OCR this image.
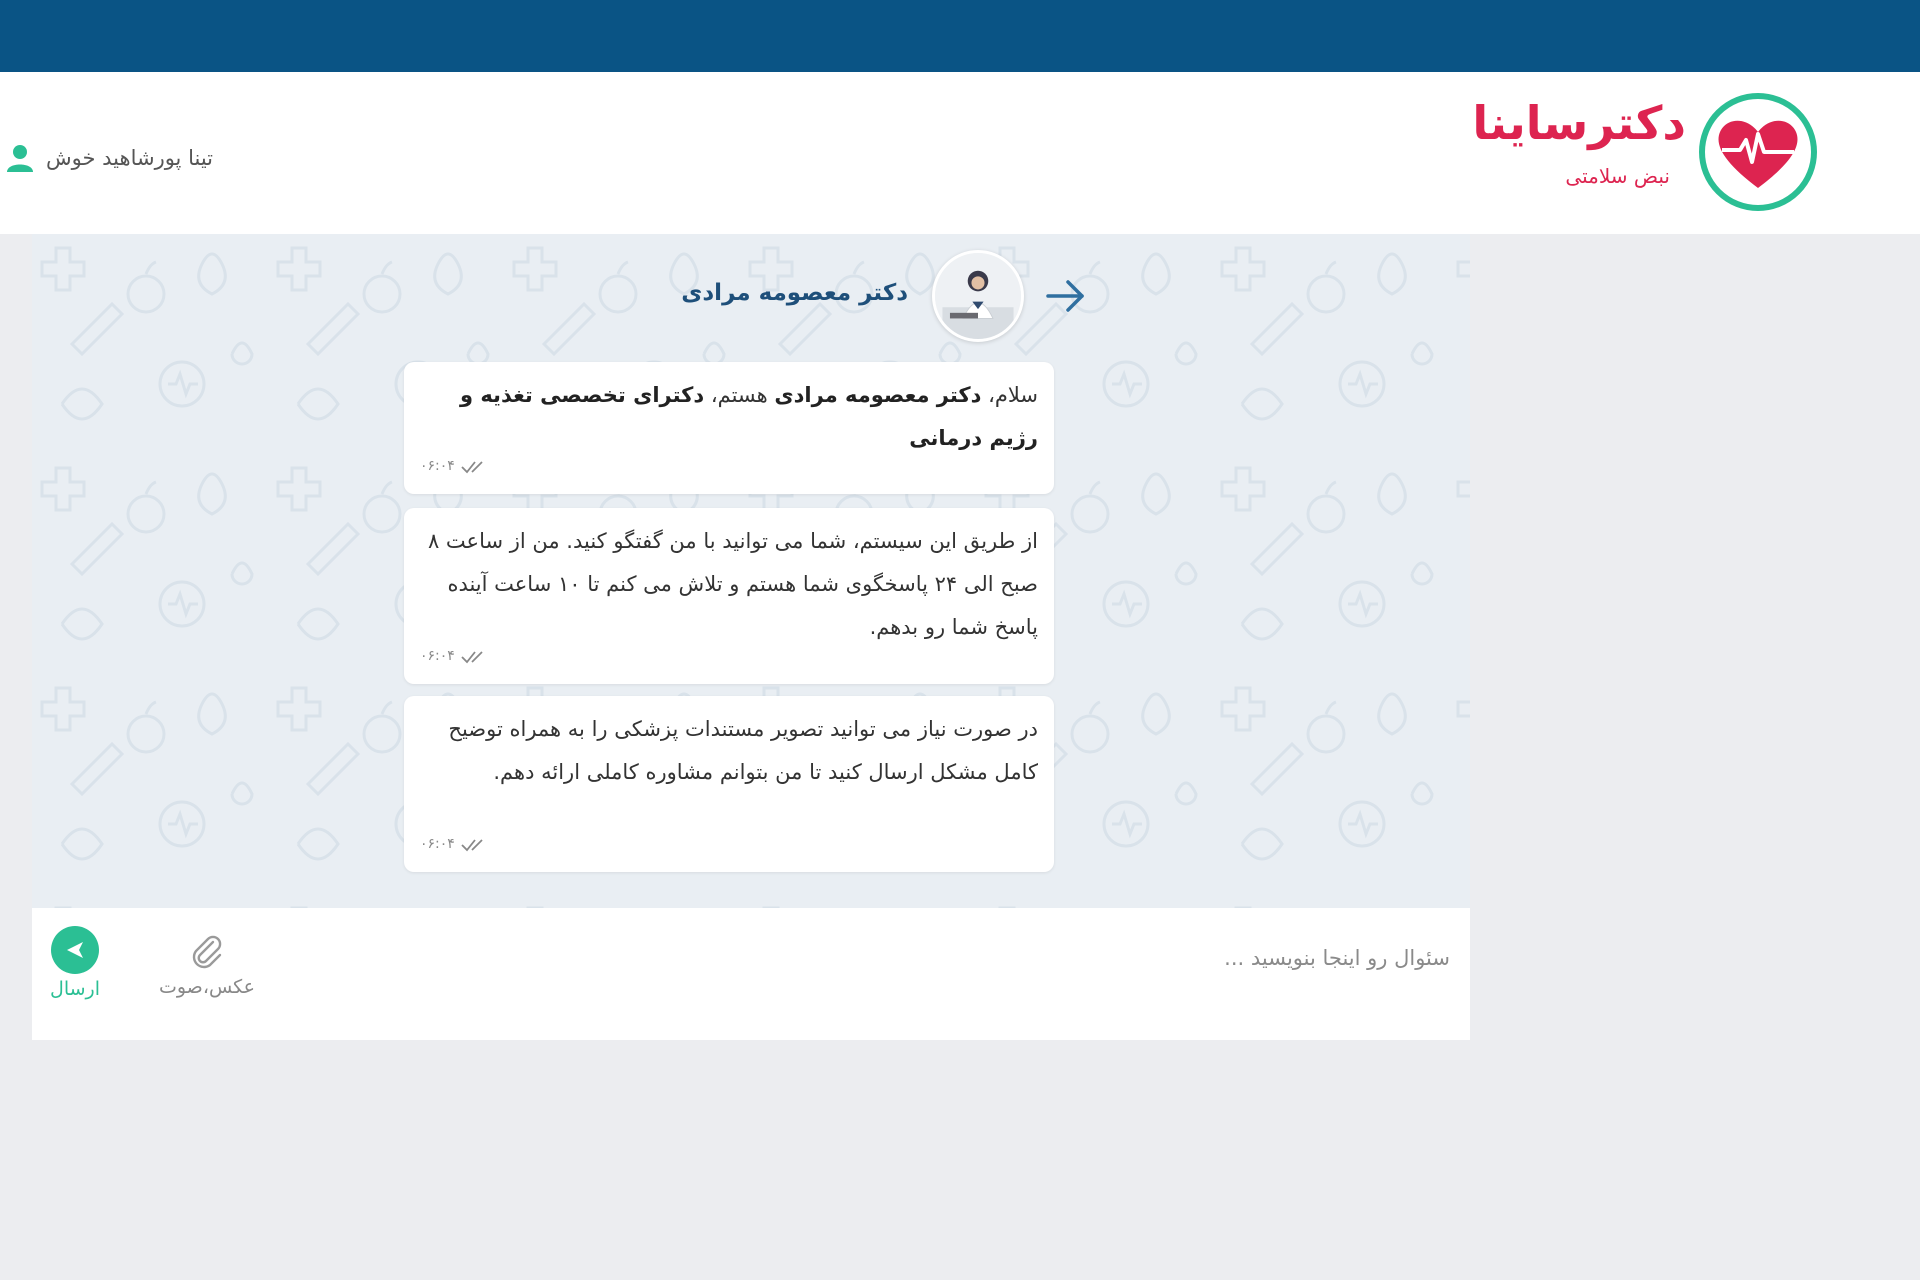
دکترساینا
نبض سلامتی
تینا پورشاهید خوش
دکتر معصومه مرادی
سلام، دکتر معصومه مرادی هستم، دکترای تخصصی تغذیه و رژیم درمانی
۰۶:۰۴
از طریق این سیستم، شما می توانید با من گفتگو کنید. من از ساعت ۸ صبح الی ۲۴ پاسخگوی شما هستم و تلاش می کنم تا ۱۰ ساعت آینده پاسخ شما رو بدهم.
۰۶:۰۴
در صورت نیاز می توانید تصویر مستندات پزشکی را به همراه توضیح کامل مشکل ارسال کنید تا من بتوانم مشاوره کاملی ارائه دهم.
۰۶:۰۴
سئوال رو اینجا بنویسید ...
عکس،صوت
ارسال
